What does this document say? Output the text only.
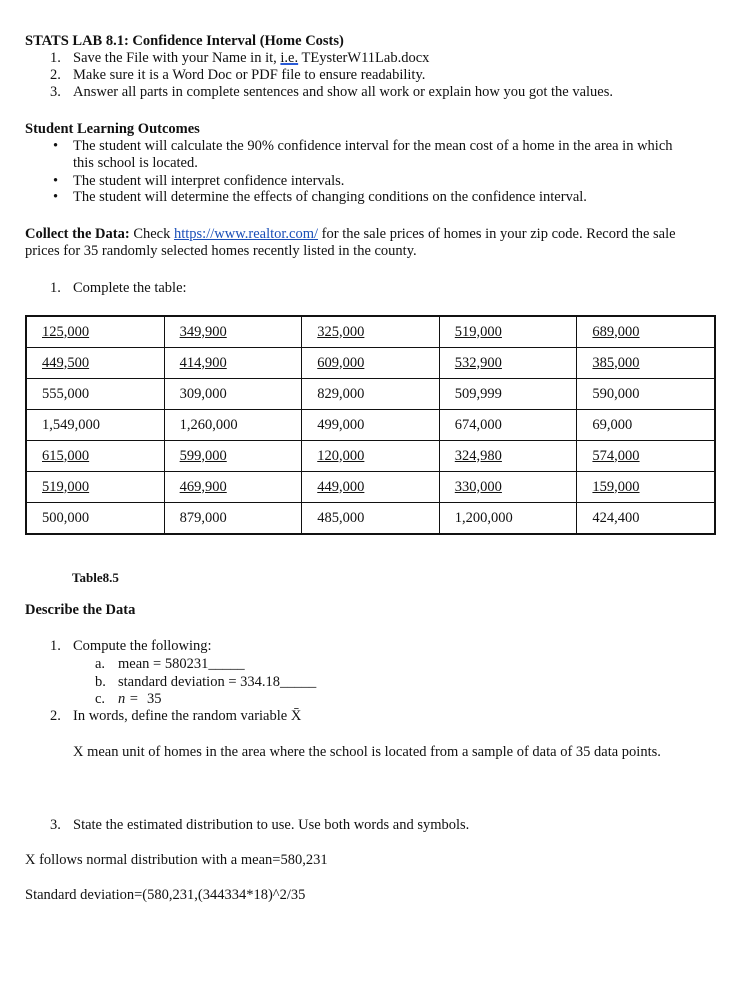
STATS LAB 8.1: Confidence Interval (Home Costs)
1. Save the File with your Name in it, i.e. TEysterW11Lab.docx
2. Make sure it is a Word Doc or PDF file to ensure readability.
3. Answer all parts in complete sentences and show all work or explain how you got the values.
Student Learning Outcomes
• The student will calculate the 90% confidence interval for the mean cost of a home in the area in which
this school is located.
• The student will interpret confidence intervals.
• The student will determine the effects of changing conditions on the confidence interval.
Collect the Data: Check https://www.realtor.com/ for the sale prices of homes in your zip code. Record the sale
prices for 35 randomly selected homes recently listed in the county.
1. Complete the table:
125,000	349,900	325,000	519,000	689,000
449,500	414,900	609,000	532,900	385,000
555,000	309,000	829,000	509,999	590,000
1,549,000	1,260,000	499,000	674,000	69,000
615,000	599,000	120,000	324,980	574,000
519,000	469,900	449,000	330,000	159,000
500,000	879,000	485,000	1,200,000	424,400
Table8.5
Describe the Data
1. Compute the following:
a. mean = 580231_____
b. standard deviation = 334.18_____
c. n = 35
2. In words, define the random variable X̄
X mean unit of homes in the area where the school is located from a sample of data of 35 data points.
3. State the estimated distribution to use. Use both words and symbols.
X follows normal distribution with a mean=580,231
Standard deviation=(580,231,(344334*18)^2/35
